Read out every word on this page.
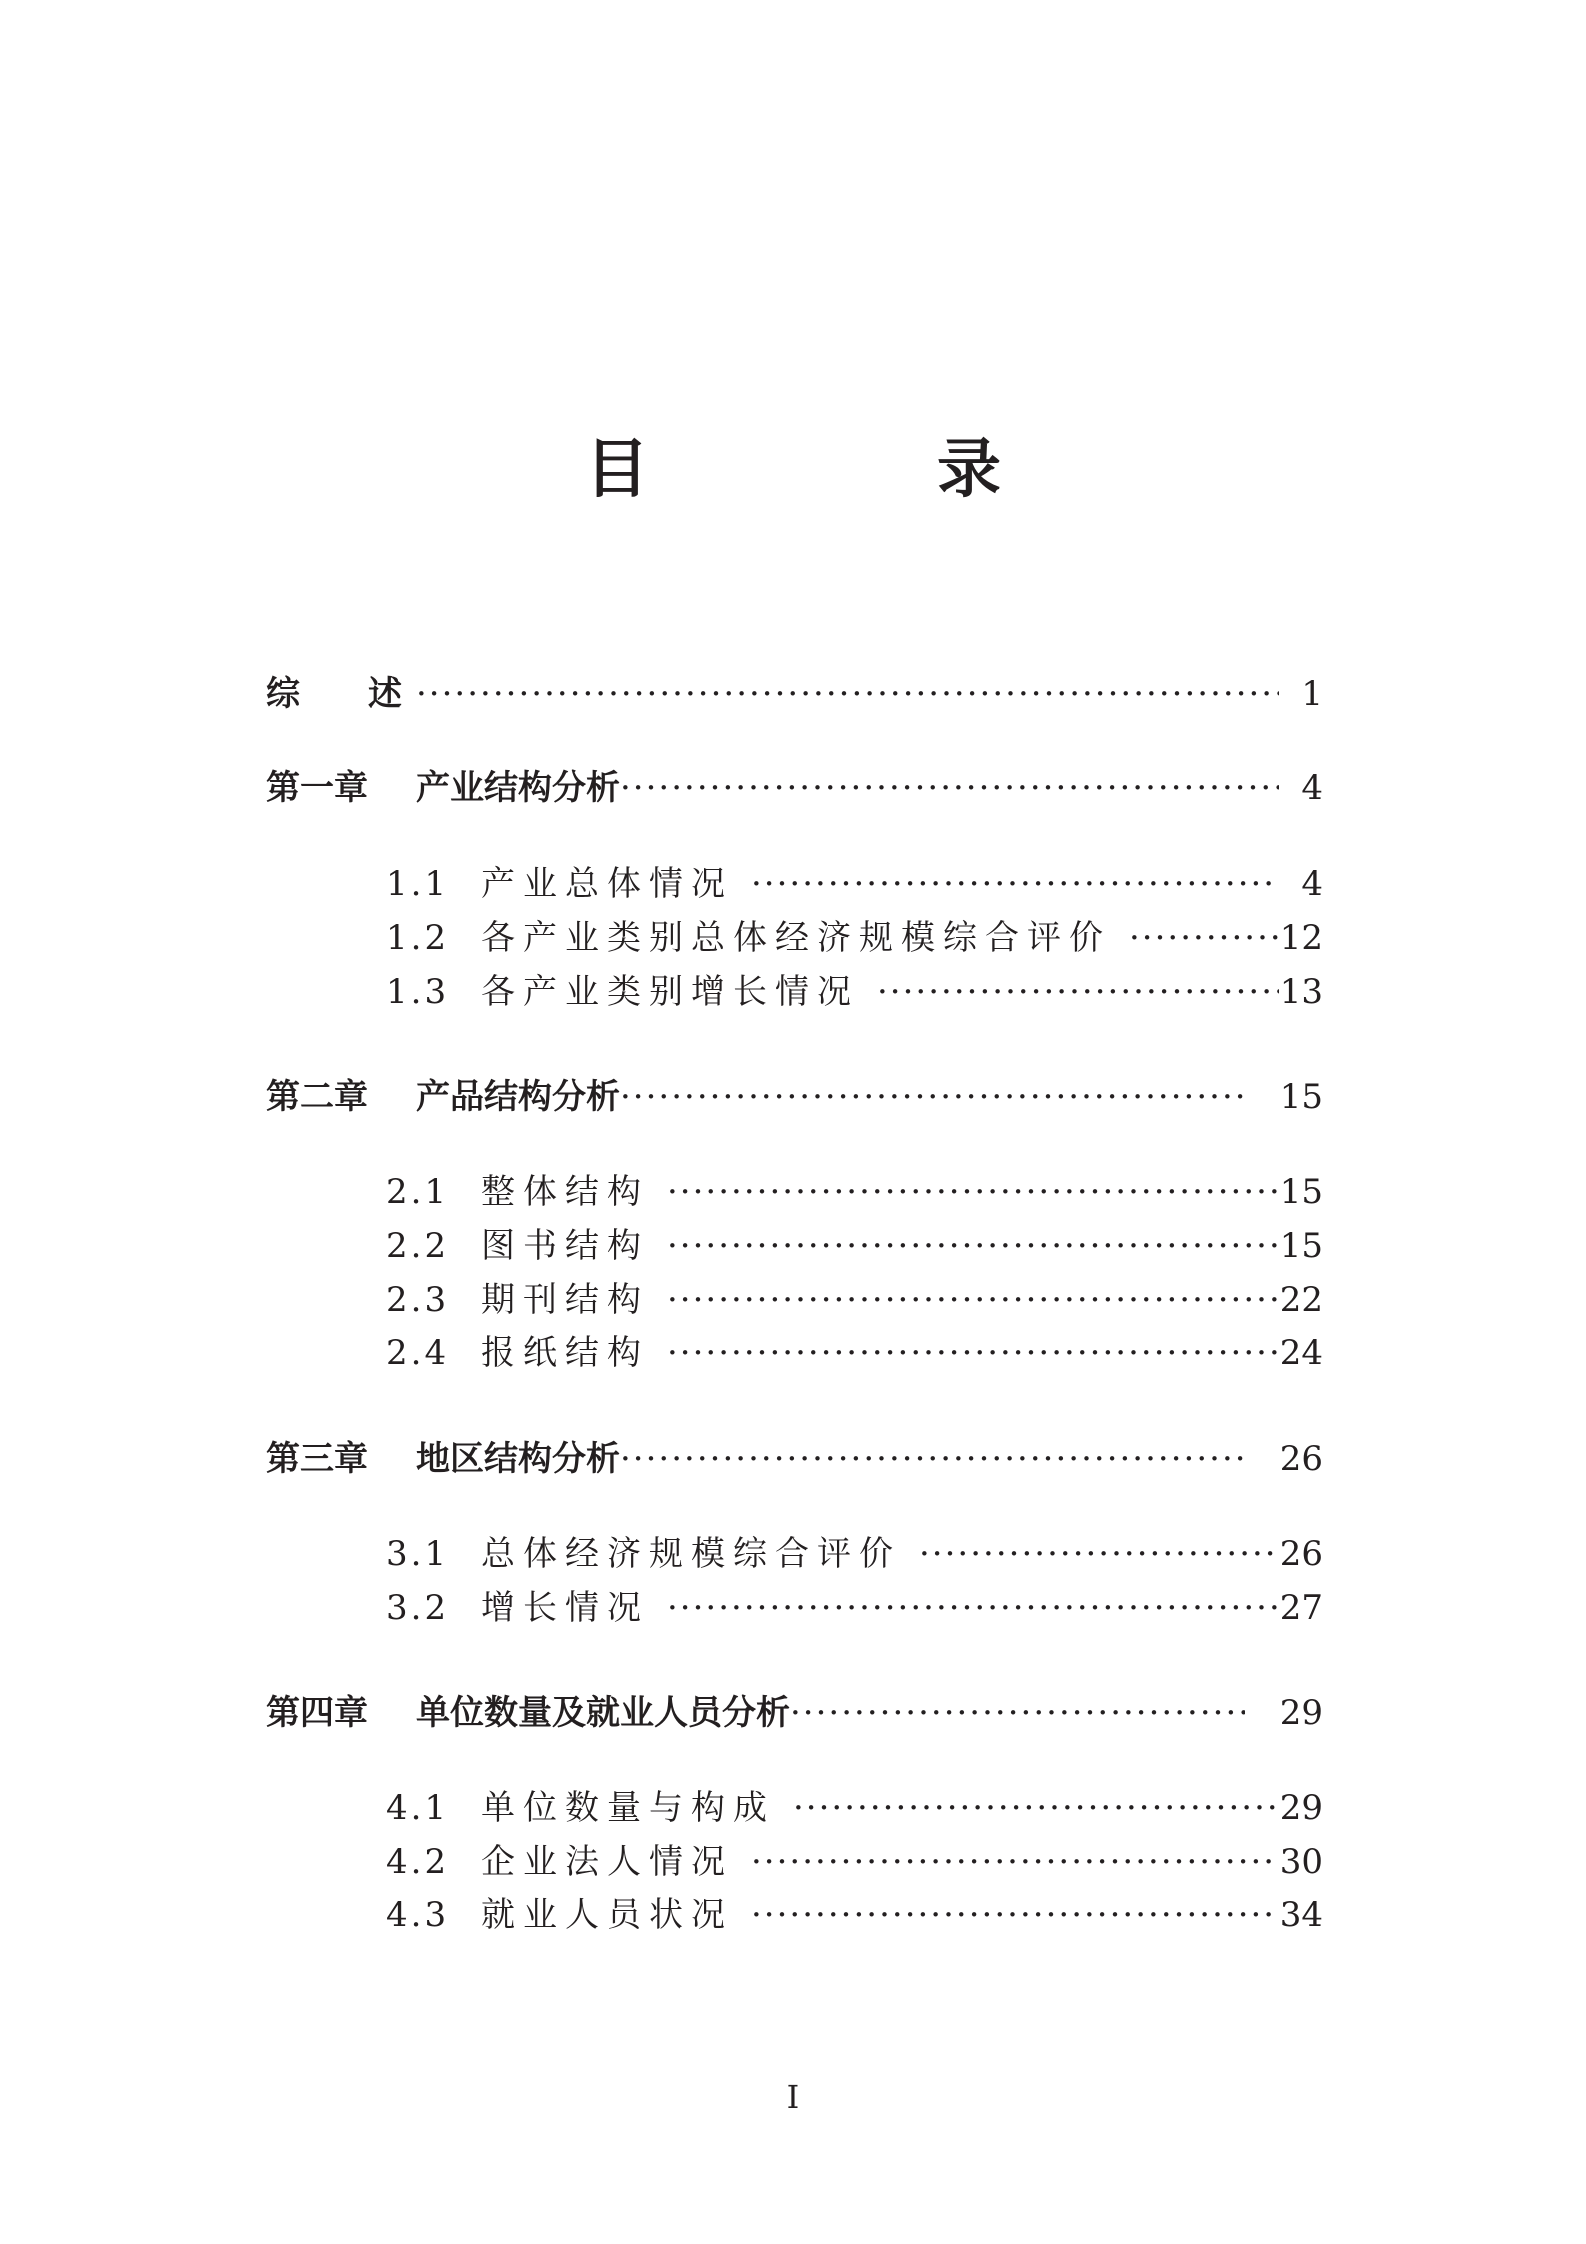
目　录
综　　述 ·····	1
第一章	产业结构分析 ·····	4
1.1 产业总体情况 ·····	4
1.2 各产业类别总体经济规模综合评价 ·····	12
1.3 各产业类别增长情况 ·····	13
第二章	产品结构分析 ·····	15
2.1 整体结构 ·····	15
2.2 图书结构 ·····	15
2.3 期刊结构 ·····	22
2.4 报纸结构 ·····	24
第三章	地区结构分析 ·····	26
3.1 总体经济规模综合评价 ·····	26
3.2 增长情况 ·····	27
第四章	单位数量及就业人员分析 ·····	29
4.1 单位数量与构成 ·····	29
4.2 企业法人情况 ·····	30
4.3 就业人员状况 ·····	34
I
